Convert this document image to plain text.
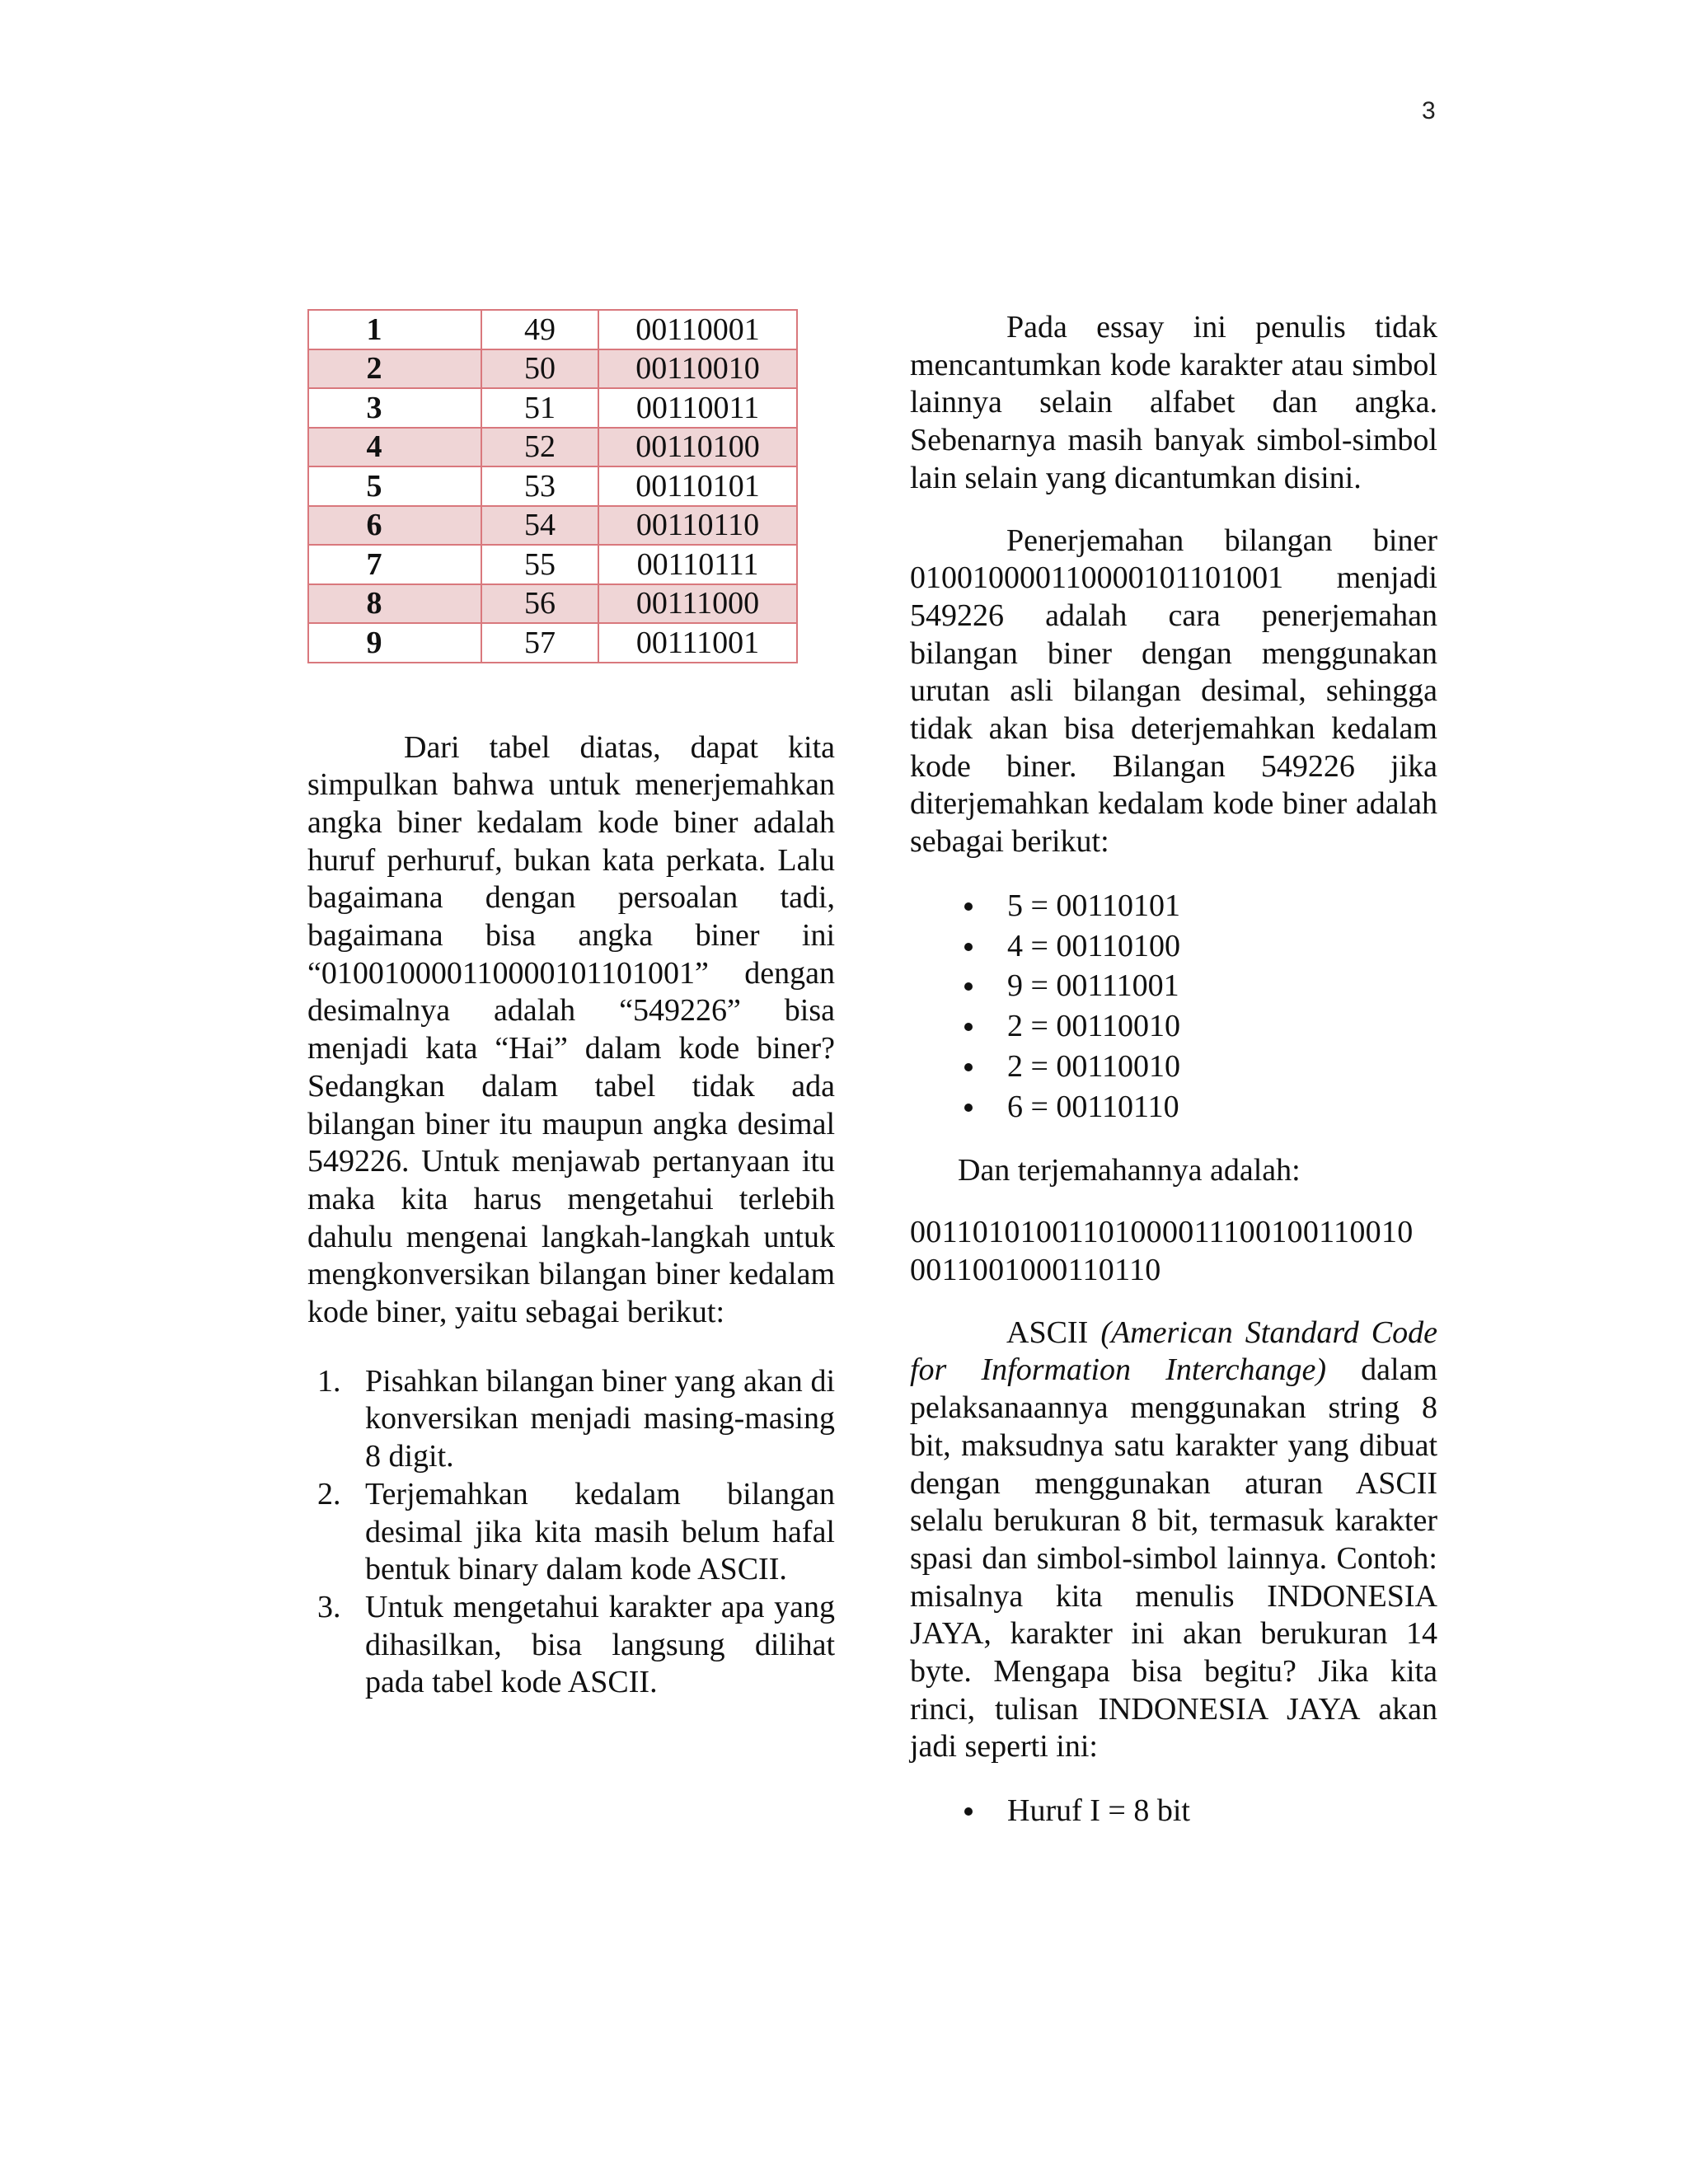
3
1	49	00110001
2	50	00110010
3	51	00110011
4	52	00110100
5	53	00110101
6	54	00110110
7	55	00110111
8	56	00111000
9	57	00111001

Dari tabel diatas, dapat kita simpulkan bahwa untuk menerjemahkan angka biner kedalam kode biner adalah huruf perhuruf, bukan kata perkata. Lalu bagaimana dengan persoalan tadi, bagaimana bisa angka biner ini “010010000110000101101001” dengan desimalnya adalah “549226” bisa menjadi kata “Hai” dalam kode biner? Sedangkan dalam tabel tidak ada bilangan biner itu maupun angka desimal 549226. Untuk menjawab pertanyaan itu maka kita harus mengetahui terlebih dahulu mengenai langkah-langkah untuk mengkonversikan bilangan biner kedalam kode biner, yaitu sebagai berikut:

1. Pisahkan bilangan biner yang akan di konversikan menjadi masing-masing 8 digit.
2. Terjemahkan kedalam bilangan desimal jika kita masih belum hafal bentuk binary dalam kode ASCII.
3. Untuk mengetahui karakter apa yang dihasilkan, bisa langsung dilihat pada tabel kode ASCII.

Pada essay ini penulis tidak mencantumkan kode karakter atau simbol lainnya selain alfabet dan angka. Sebenarnya masih banyak simbol-simbol lain selain yang dicantumkan disini.

Penerjemahan bilangan biner 010010000110000101101001 menjadi 549226 adalah cara penerjemahan bilangan biner dengan menggunakan urutan asli bilangan desimal, sehingga tidak akan bisa deterjemahkan kedalam kode biner. Bilangan 549226 jika diterjemahkan kedalam kode biner adalah sebagai berikut:

5 = 00110101
4 = 00110100
9 = 00111001
2 = 00110010
2 = 00110010
6 = 00110110

Dan terjemahannya adalah:

00110101001101000011100100110010

0011001000110110

ASCII (American Standard Code for Information Interchange) dalam pelaksanaannya menggunakan string 8 bit, maksudnya satu karakter yang dibuat dengan menggunakan aturan ASCII selalu berukuran 8 bit, termasuk karakter spasi dan simbol-simbol lainnya. Contoh: misalnya kita menulis INDONESIA JAYA, karakter ini akan berukuran 14 byte. Mengapa bisa begitu? Jika kita rinci, tulisan INDONESIA JAYA akan jadi seperti ini:

Huruf I = 8 bit
